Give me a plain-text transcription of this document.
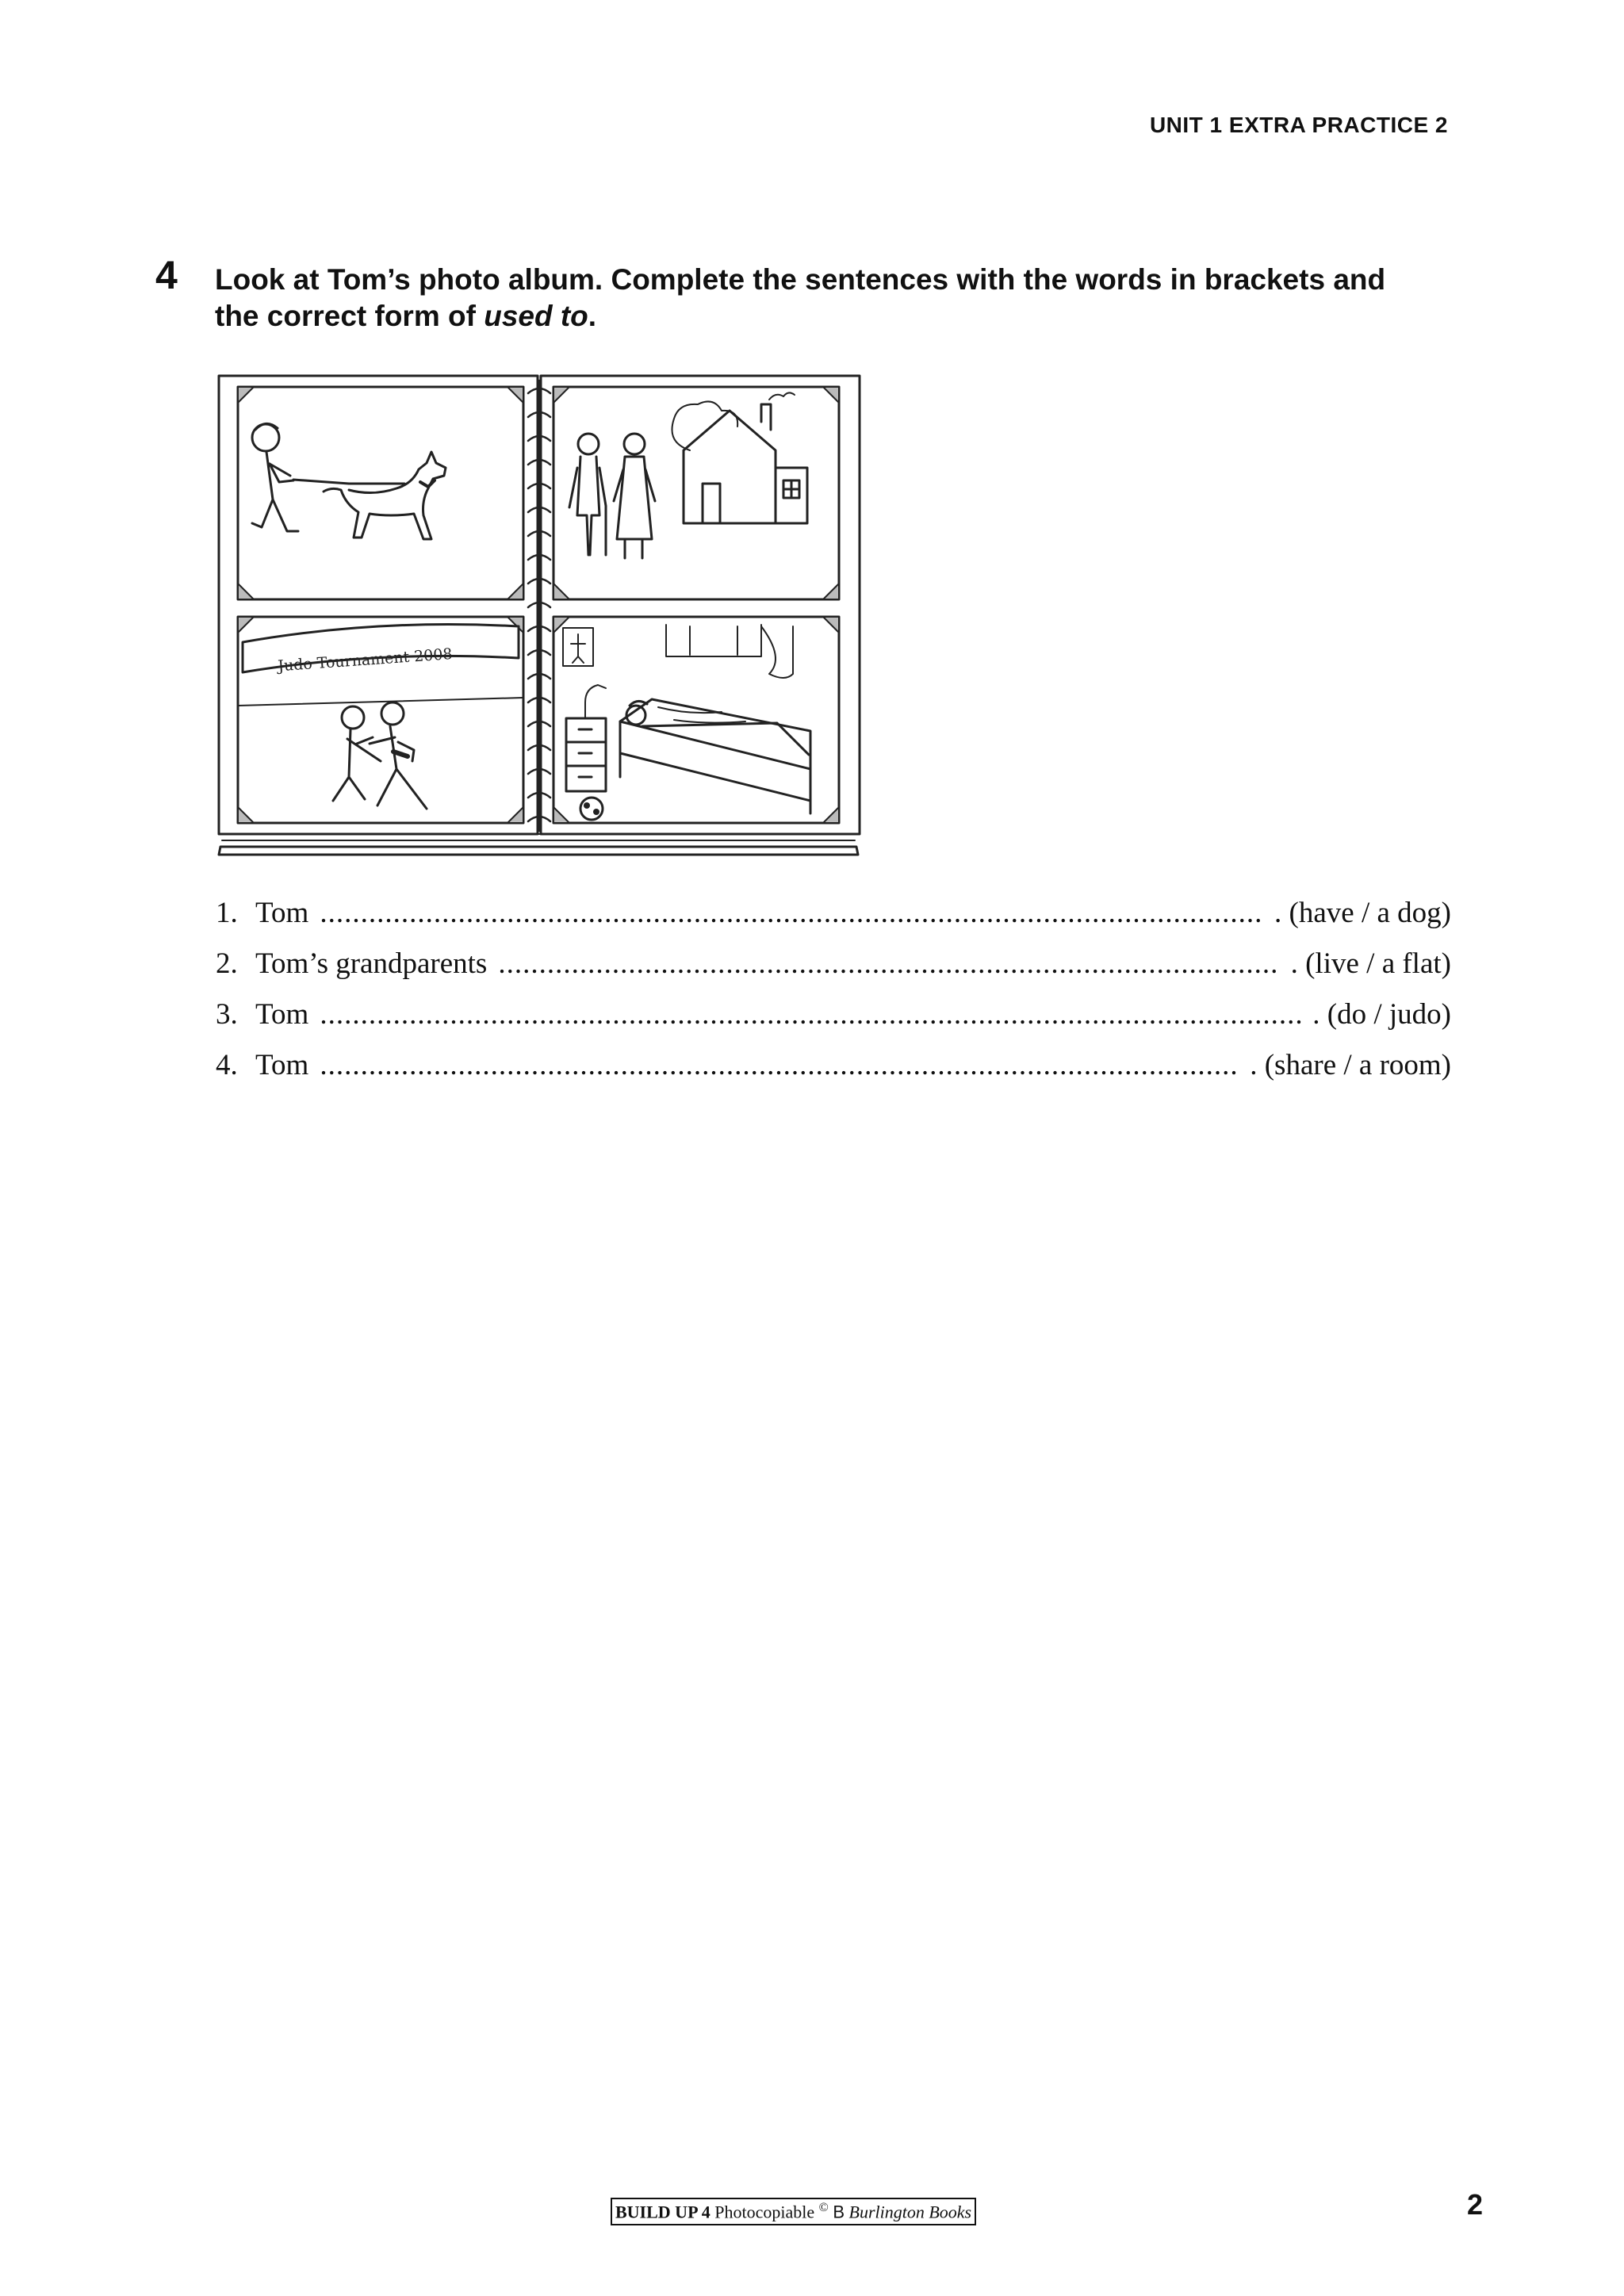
UNIT 1 EXTRA PRACTICE 2
4 Look at Tom’s photo album. Complete the sentences with the words in brackets and the correct form of used to.
Judo Tournament 2008
1. Tom .....	. (have / a dog)
2. Tom’s grandparents .....	. (live / a flat)
3. Tom .....	. (do / judo)
4. Tom .....	. (share / a room)
BUILD UP 4 Photocopiable © B Burlington Books	2
